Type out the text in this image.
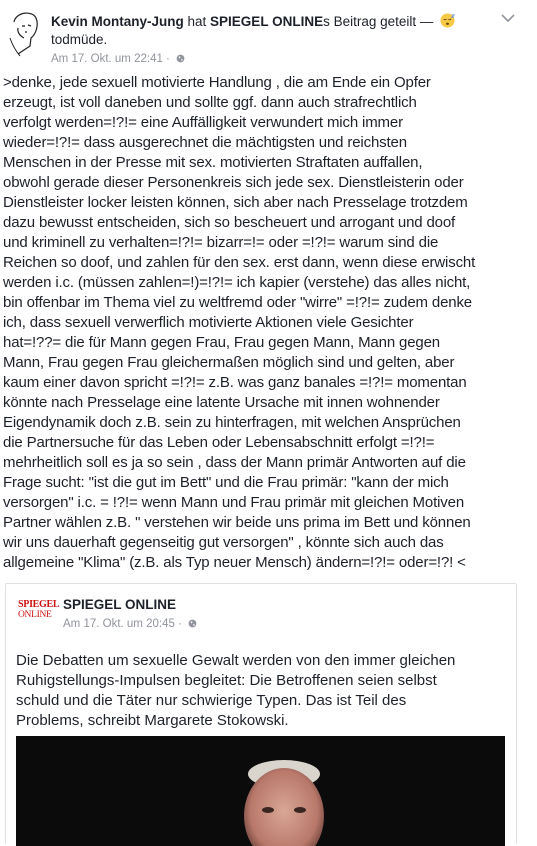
Kevin Montany-Jung hat SPIEGEL ONLINEs Beitrag geteilt —
todmüde.
Am 17. Okt. um 22:41 ·
>denke, jede sexuell motivierte Handlung , die am Ende ein Opfer
erzeugt, ist voll daneben und sollte ggf. dann auch strafrechtlich
verfolgt werden=!?!= eine Auffälligkeit verwundert mich immer
wieder=!?!= dass ausgerechnet die mächtigsten und reichsten
Menschen in der Presse mit sex. motivierten Straftaten auffallen,
obwohl gerade dieser Personenkreis sich jede sex. Dienstleisterin oder
Dienstleister locker leisten können, sich aber nach Presselage trotzdem
dazu bewusst entscheiden, sich so bescheuert und arrogant und doof
und kriminell zu verhalten=!?!= bizarr=!= oder =!?!= warum sind die
Reichen so doof, und zahlen für den sex. erst dann, wenn diese erwischt
werden i.c. (müssen zahlen=!)=!?!= ich kapier (verstehe) das alles nicht,
bin offenbar im Thema viel zu weltfremd oder "wirre" =!?!= zudem denke
ich, dass sexuell verwerflich motivierte Aktionen viele Gesichter
hat=!??= die für Mann gegen Frau, Frau gegen Mann, Mann gegen
Mann, Frau gegen Frau gleichermaßen möglich sind und gelten, aber
kaum einer davon spricht =!?!= z.B. was ganz banales =!?!= momentan
könnte nach Presselage eine latente Ursache mit innen wohnender
Eigendynamik doch z.B. sein zu hinterfragen, mit welchen Ansprüchen
die Partnersuche für das Leben oder Lebensabschnitt erfolgt =!?!=
mehrheitlich soll es ja so sein , dass der Mann primär Antworten auf die
Frage sucht: "ist die gut im Bett" und die Frau primär: "kann der mich
versorgen" i.c. = !?!= wenn Mann und Frau primär mit gleichen Motiven
Partner wählen z.B. " verstehen wir beide uns prima im Bett und können
wir uns dauerhaft gegenseitig gut versorgen" , könnte sich auch das
allgemeine "Klima" (z.B. als Typ neuer Mensch) ändern=!?!= oder=!?! <
SPIEGEL
ONLINE
SPIEGEL ONLINE
Am 17. Okt. um 20:45 ·
Die Debatten um sexuelle Gewalt werden von den immer gleichen
Ruhigstellungs-Impulsen begleitet: Die Betroffenen seien selbst
schuld und die Täter nur schwierige Typen. Das ist Teil des
Problems, schreibt Margarete Stokowski.
